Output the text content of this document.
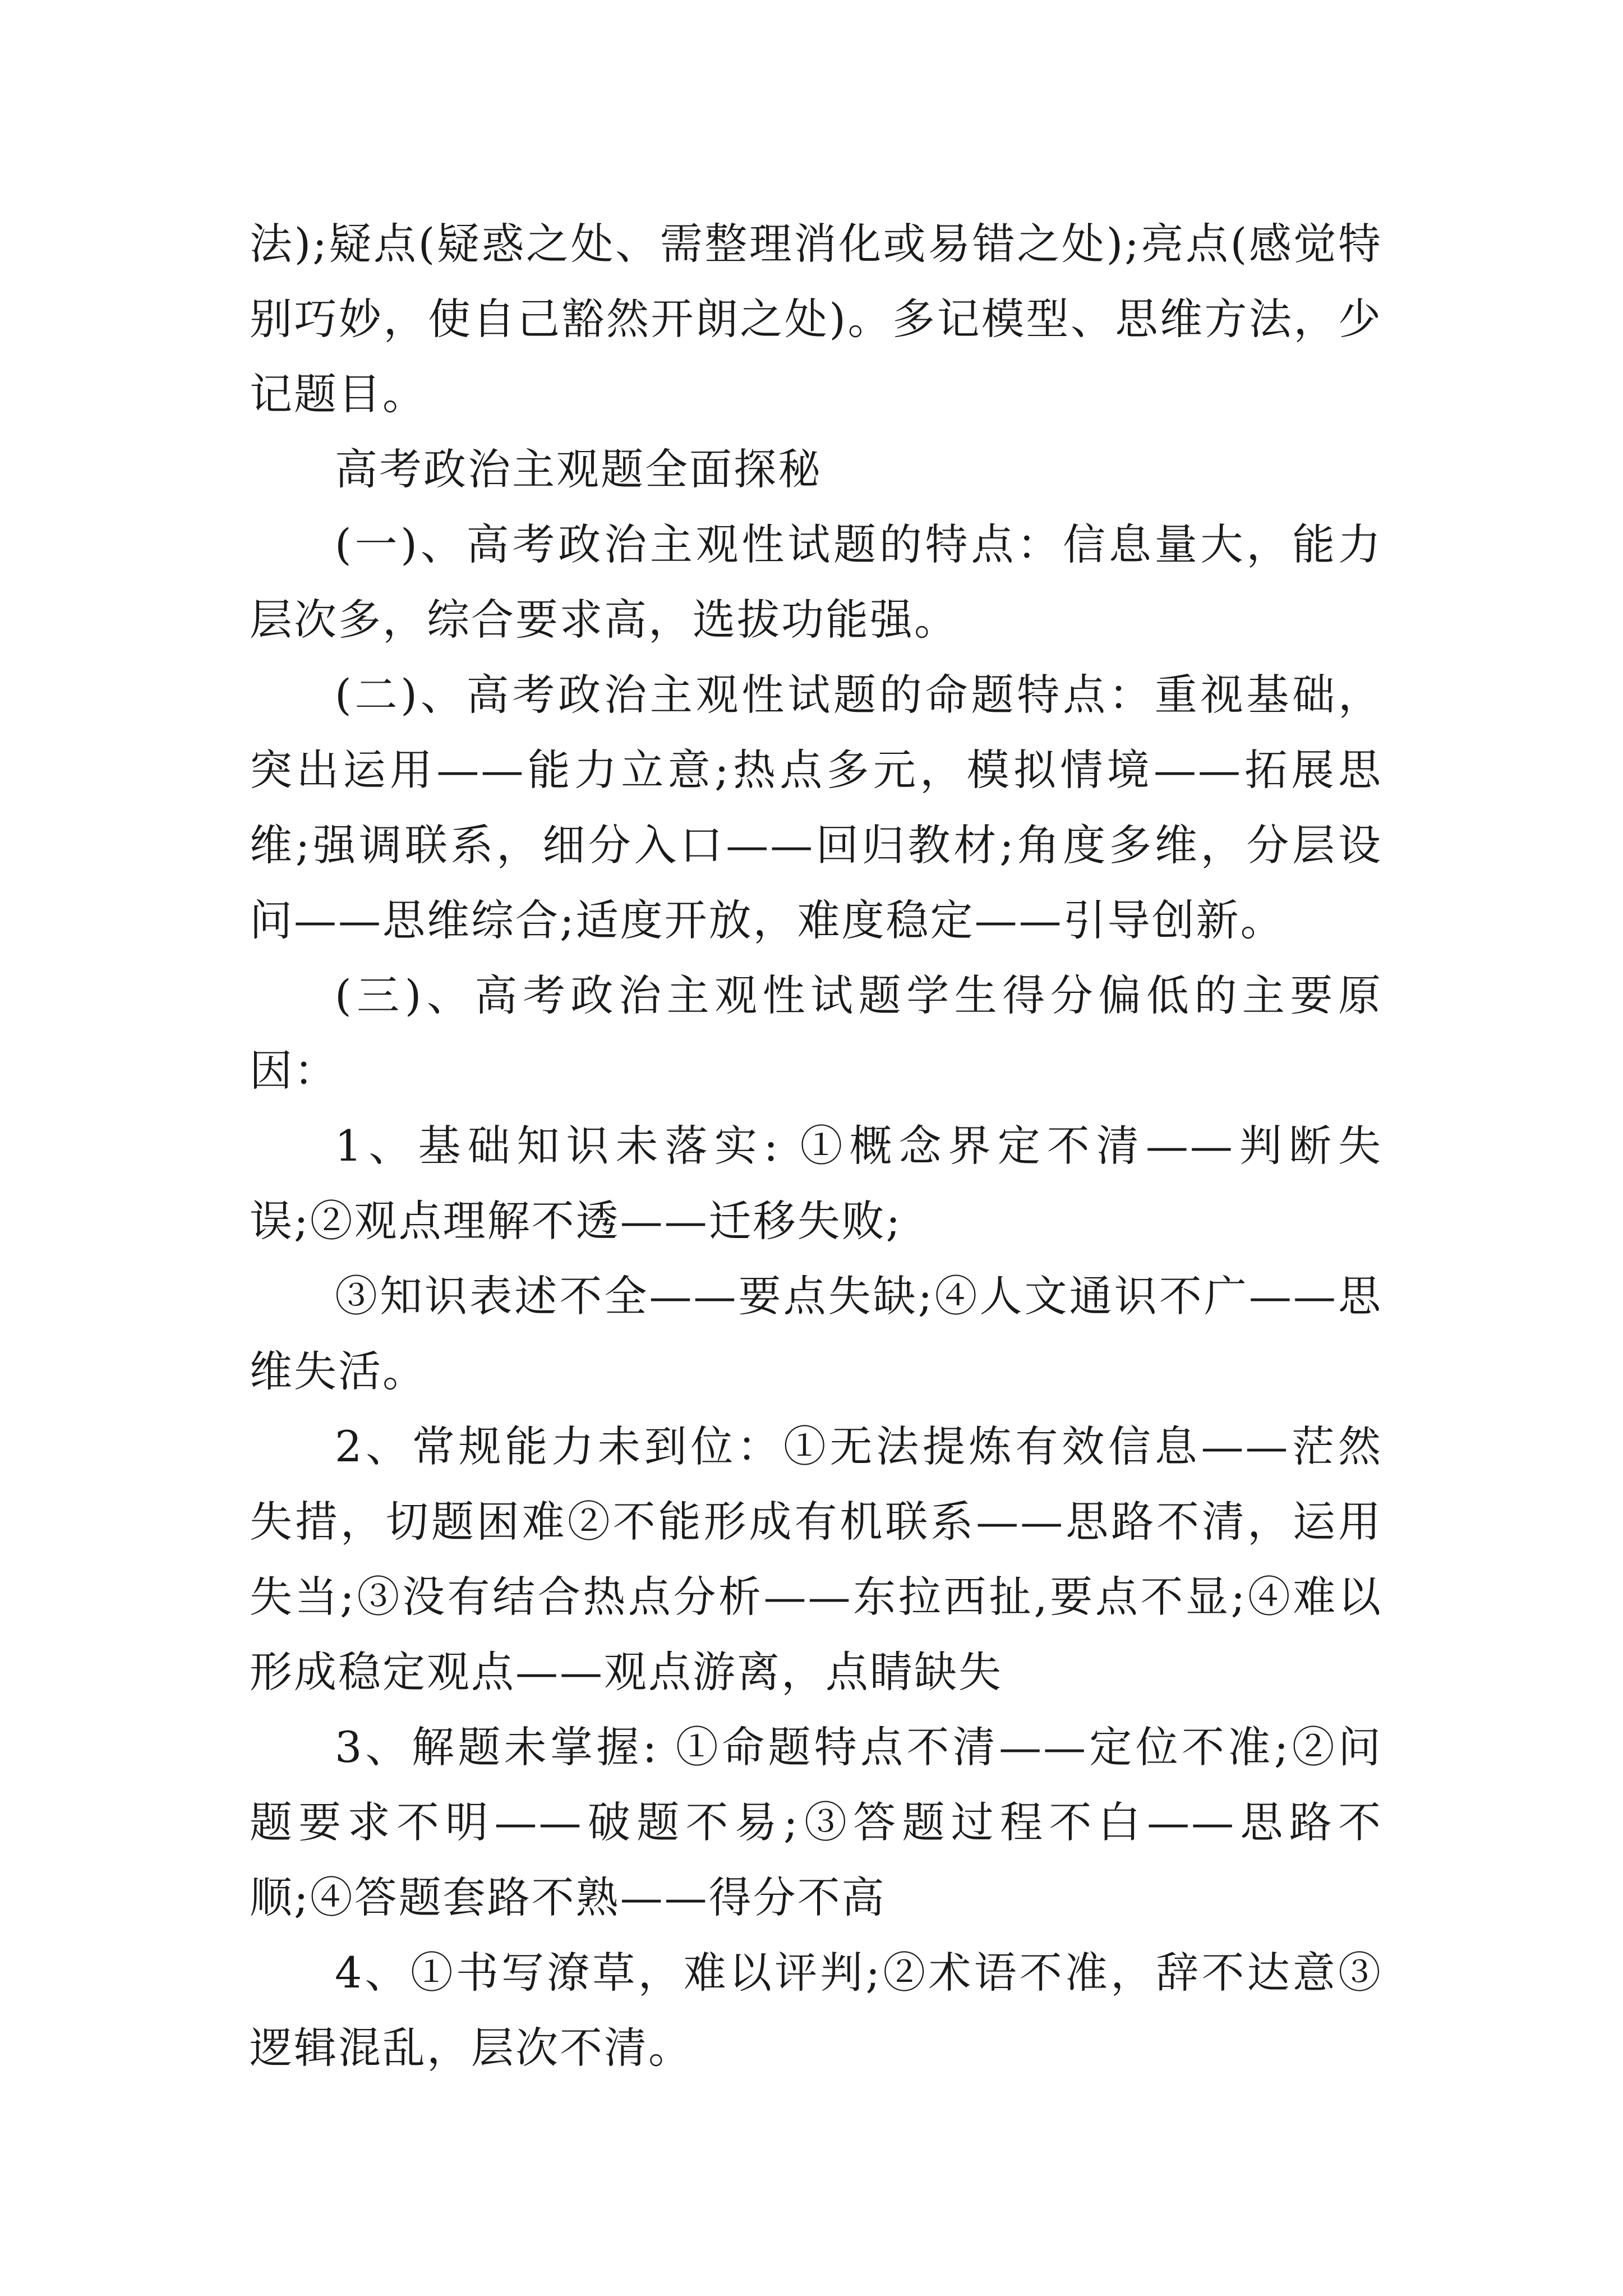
法);疑点(疑惑之处、需整理消化或易错之处);亮点(感觉特别巧妙，使自己豁然开朗之处)。多记模型、思维方法，少记题目。

高考政治主观题全面探秘

(一)、高考政治主观性试题的特点：信息量大，能力层次多，综合要求高，选拔功能强。

(二)、高考政治主观性试题的命题特点：重视基础，突出运用——能力立意;热点多元，模拟情境——拓展思维;强调联系，细分入口——回归教材;角度多维，分层设问——思维综合;适度开放，难度稳定——引导创新。

(三)、高考政治主观性试题学生得分偏低的主要原因：

1、基础知识未落实: ①概念界定不清——判断失误;②观点理解不透——迁移失败;

③知识表述不全——要点失缺;④人文通识不广——思维失活。

2、常规能力未到位：①无法提炼有效信息——茫然失措，切题困难②不能形成有机联系——思路不清，运用失当;③没有结合热点分析——东拉西扯,要点不显;④难以形成稳定观点——观点游离，点睛缺失

3、解题未掌握: ①命题特点不清——定位不准;②问题要求不明——破题不易;③答题过程不白——思路不顺;④答题套路不熟——得分不高

4、①书写潦草，难以评判;②术语不准，辞不达意③逻辑混乱，层次不清。
